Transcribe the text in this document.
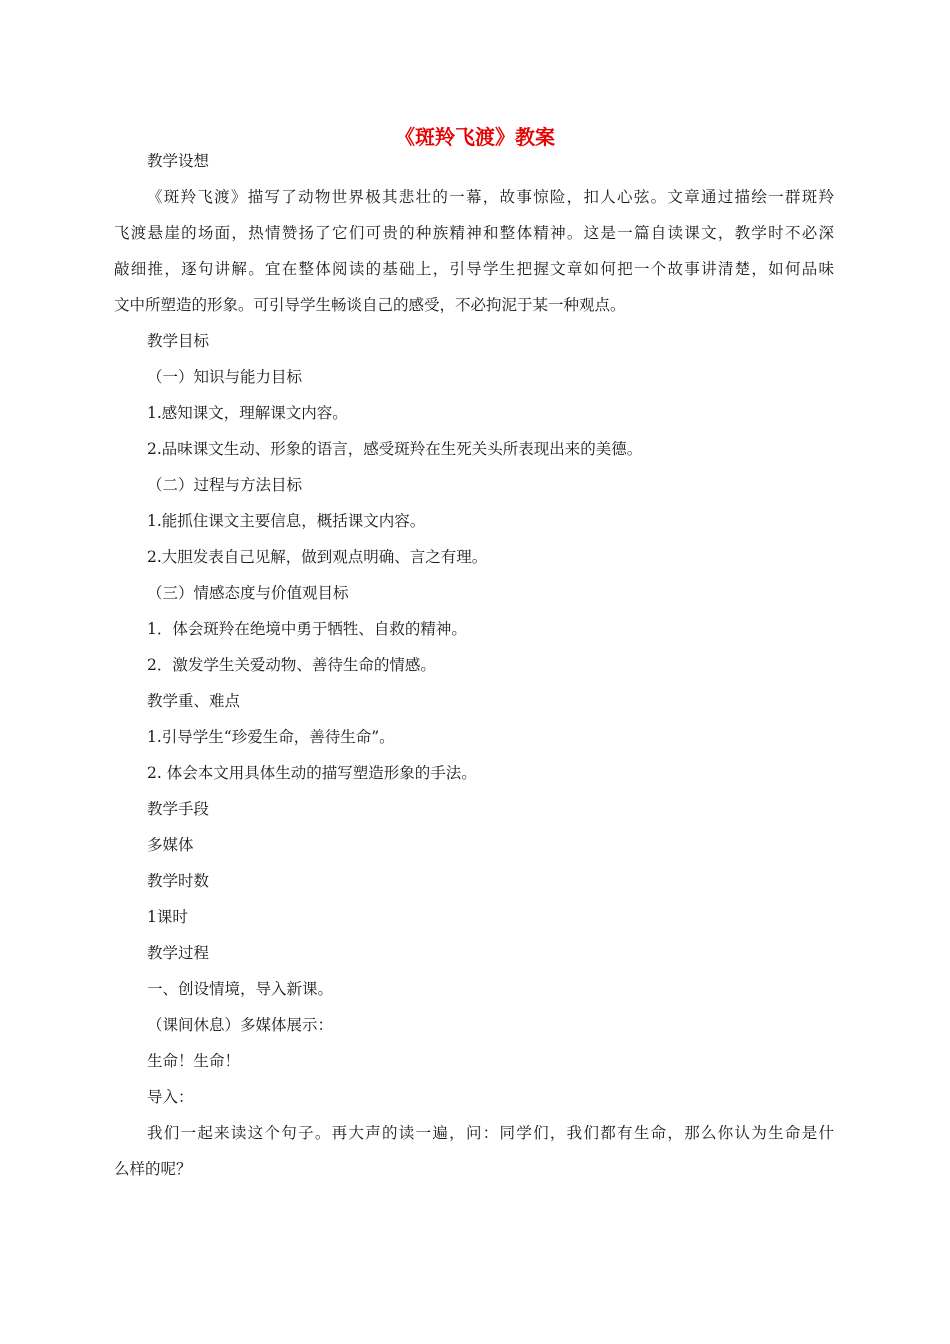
《斑羚飞渡》教案
教学设想
《斑羚飞渡》描写了动物世界极其悲壮的一幕，故事惊险，扣人心弦。文章通过描绘一群斑羚
飞渡悬崖的场面，热情赞扬了它们可贵的种族精神和整体精神。这是一篇自读课文，教学时不必深
敲细推，逐句讲解。宜在整体阅读的基础上，引导学生把握文章如何把一个故事讲清楚，如何品味
文中所塑造的形象。可引导学生畅谈自己的感受，不必拘泥于某一种观点。
教学目标
（一）知识与能力目标
1.感知课文，理解课文内容。
2.品味课文生动、形象的语言，感受斑羚在生死关头所表现出来的美德。
（二）过程与方法目标
1.能抓住课文主要信息，概括课文内容。
2.大胆发表自己见解，做到观点明确、言之有理。
（三）情感态度与价值观目标
1．体会斑羚在绝境中勇于牺牲、自救的精神。
2．激发学生关爱动物、善待生命的情感。
教学重、难点
1.引导学生“珍爱生命，善待生命”。
2. 体会本文用具体生动的描写塑造形象的手法。
教学手段
多媒体
教学时数
1课时
教学过程
一、创设情境，导入新课。
（课间休息）多媒体展示：
生命！生命！
导入：
我们一起来读这个句子。再大声的读一遍，问：同学们，我们都有生命，那么你认为生命是什
么样的呢？
